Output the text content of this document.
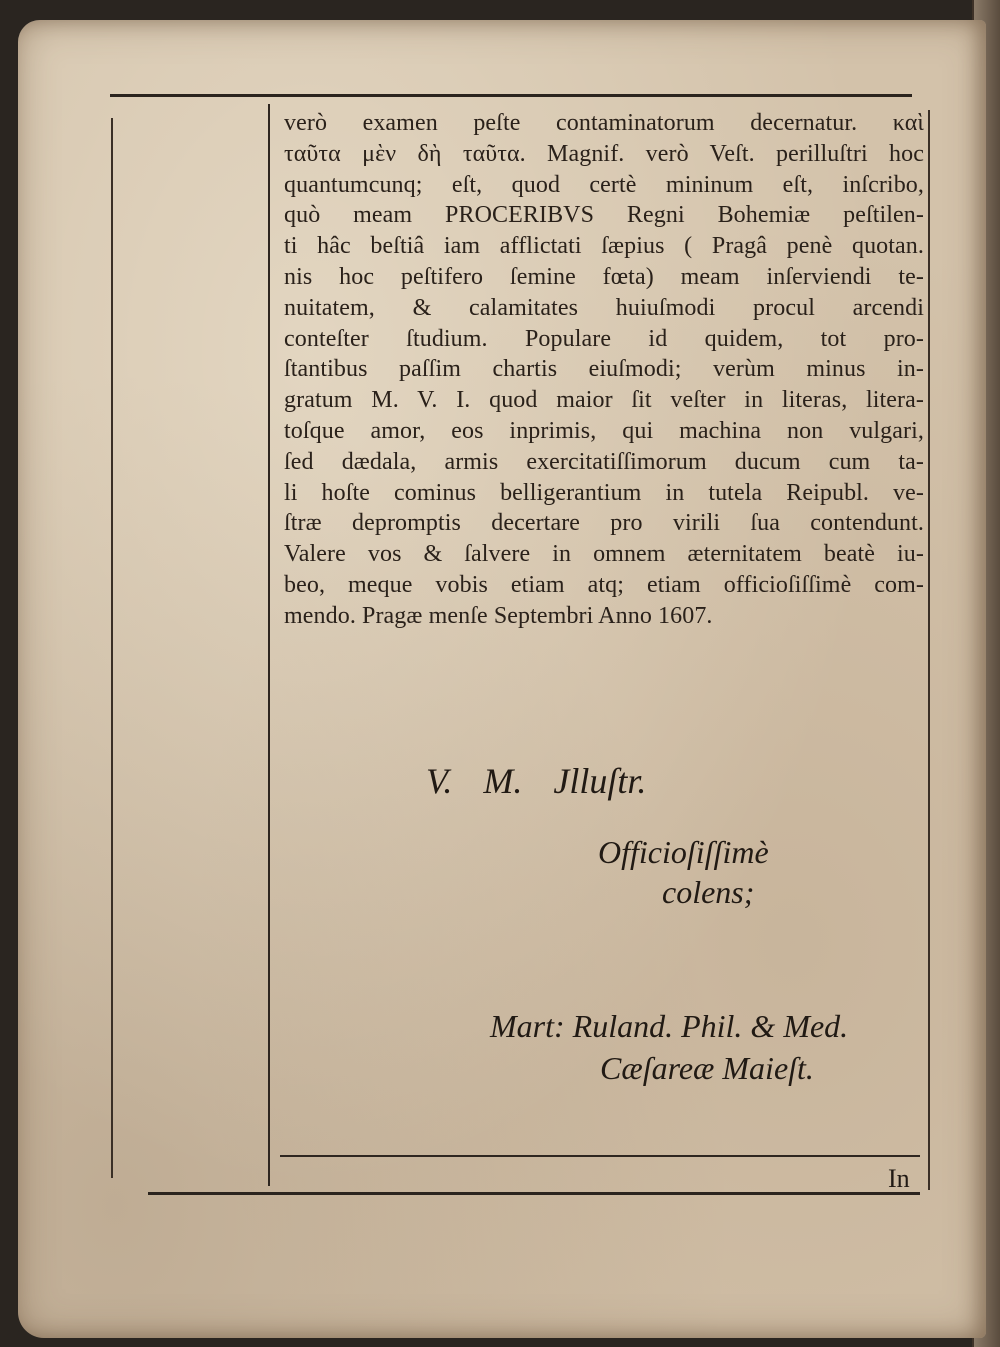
verò examen peſte contaminatorum decernatur. καὶ
ταῦτα μὲν δὴ ταῦτα. Magnif. verò Veſt. perilluſtri hoc
quantumcunq; eſt, quod certè mininum eſt, inſcribo,
quò meam PROCERIBVS Regni Bohemiæ peſtilen-
ti hâc beſtiâ iam afflictati ſæpius ( Pragâ penè quotan.
nis hoc peſtifero ſemine fœta) meam inſerviendi te-
nuitatem, & calamitates huiuſmodi procul arcendi
conteſter ſtudium. Populare id quidem, tot pro-
ſtantibus paſſim chartis eiuſmodi; verùm minus in-
gratum M. V. I. quod maior ſit veſter in literas, litera-
toſque amor, eos inprimis, qui machina non vulgari,
ſed dædala, armis exercitatiſſimorum ducum cum ta-
li hoſte cominus belligerantium in tutela Reipubl. ve-
ſtræ depromptis decertare pro virili ſua contendunt.
Valere vos & ſalvere in omnem æternitatem beatè iu-
beo, meque vobis etiam atq; etiam officioſiſſimè com-
mendo. Pragæ menſe Septembri Anno 1607.
V. M. Jlluſtr.
Officioſiſſimè
colens;
Mart: Ruland. Phil. & Med.
Cæſareæ Maieſt.
In
